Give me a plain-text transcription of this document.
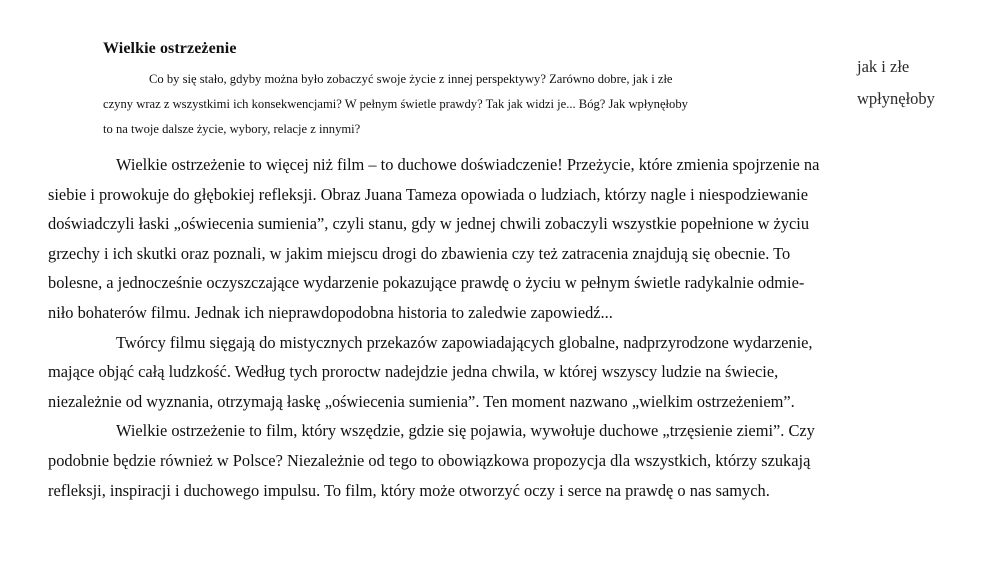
Wielkie ostrzeżenie
Co by się stało, gdyby można było zobaczyć swoje życie z innej perspektywy? Zarówno dobre, jak i złe
czyny wraz z wszystkimi ich konsekwencjami? W pełnym świetle prawdy? Tak jak widzi je... Bóg? Jak wpłynęłoby
to na twoje dalsze życie, wybory, relacje z innymi?
jak i złe
wpłynęłoby
Wielkie ostrzeżenie to więcej niż film – to duchowe doświadczenie! Przeżycie, które zmienia spojrzenie na
siebie i prowokuje do głębokiej refleksji. Obraz Juana Tameza opowiada o ludziach, którzy nagle i niespodziewanie
doświadczyli łaski „oświecenia sumienia”, czyli stanu, gdy w jednej chwili zobaczyli wszystkie popełnione w życiu
grzechy i ich skutki oraz poznali, w jakim miejscu drogi do zbawienia czy też zatracenia znajdują się obecnie. To
bolesne, a jednocześnie oczyszczające wydarzenie pokazujące prawdę o życiu w pełnym świetle radykalnie odmie-
niło bohaterów filmu. Jednak ich nieprawdopodobna historia to zaledwie zapowiedź...
Twórcy filmu sięgają do mistycznych przekazów zapowiadających globalne, nadprzyrodzone wydarzenie,
mające objąć całą ludzkość. Według tych proroctw nadejdzie jedna chwila, w której wszyscy ludzie na świecie,
niezależnie od wyznania, otrzymają łaskę „oświecenia sumienia”. Ten moment nazwano „wielkim ostrzeżeniem”.
Wielkie ostrzeżenie to film, który wszędzie, gdzie się pojawia, wywołuje duchowe „trzęsienie ziemi”. Czy
podobnie będzie również w Polsce? Niezależnie od tego to obowiązkowa propozycja dla wszystkich, którzy szukają
refleksji, inspiracji i duchowego impulsu. To film, który może otworzyć oczy i serce na prawdę o nas samych.
